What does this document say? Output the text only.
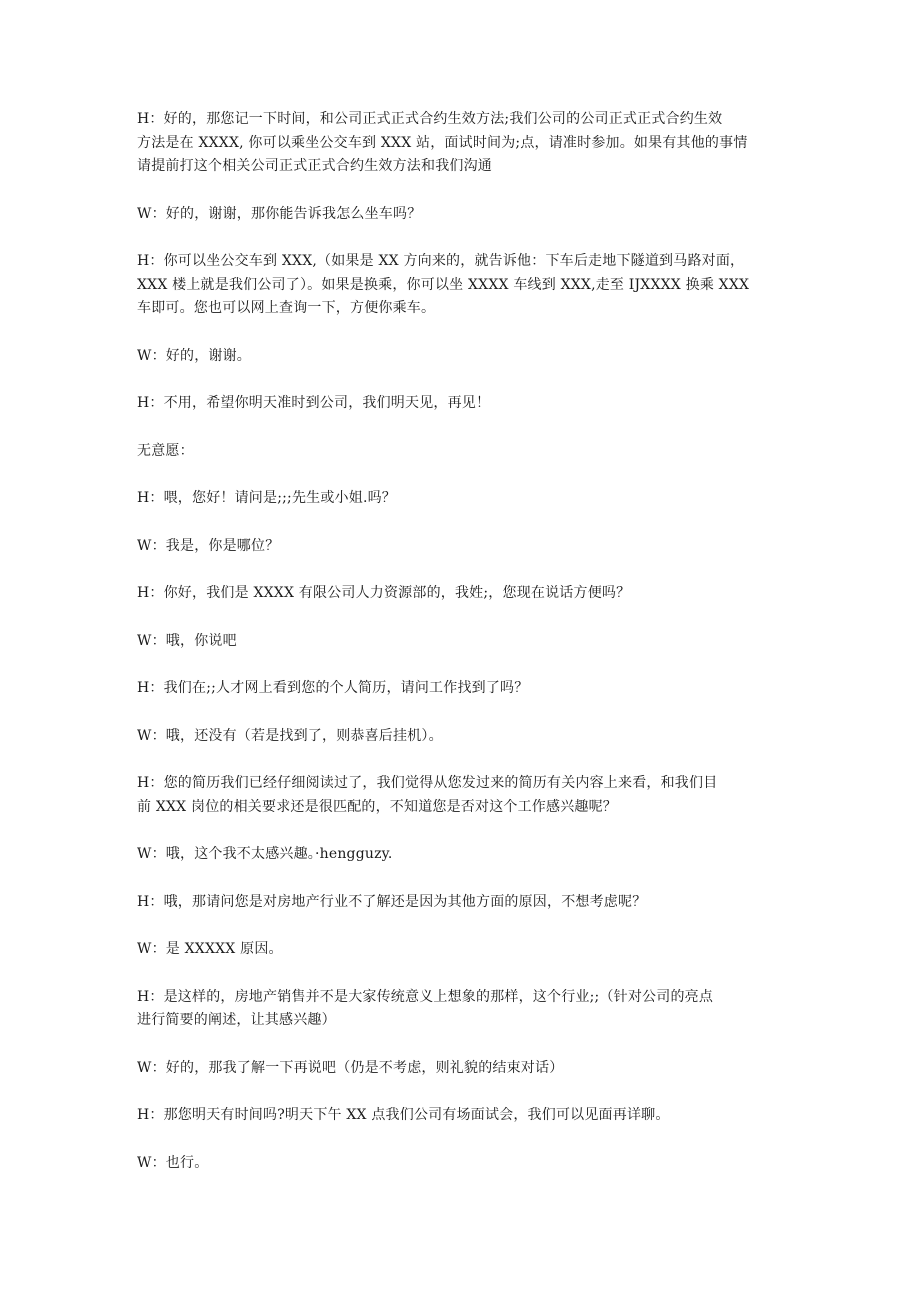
H：好的，那您记一下时间，和公司正式正式合约生效方法;我们公司的公司正式正式合约生效
方法是在 XXXX, 你可以乘坐公交车到 XXX 站，面试时间为;点，请准时参加。如果有其他的事情
请提前打这个相关公司正式正式合约生效方法和我们沟通

W：好的，谢谢，那你能告诉我怎么坐车吗？

H：你可以坐公交车到 XXX,（如果是 XX 方向来的，就告诉他：下车后走地下隧道到马路对面，
XXX 楼上就是我们公司了）。如果是换乘，你可以坐 XXXX 车线到 XXX,走至 IJXXXX 换乘 XXX
车即可。您也可以网上查询一下，方便你乘车。

W：好的，谢谢。

H：不用，希望你明天准时到公司，我们明天见，再见！

无意愿：

H：喂，您好！请问是;;;先生或小姐.吗？

W：我是，你是哪位？

H：你好，我们是 XXXX 有限公司人力资源部的，我姓;，您现在说话方便吗？

W：哦，你说吧

H：我们在;;人才网上看到您的个人简历，请问工作找到了吗？

W：哦，还没有（若是找到了，则恭喜后挂机）。

H：您的简历我们已经仔细阅读过了，我们觉得从您发过来的简历有关内容上来看，和我们目
前 XXX 岗位的相关要求还是很匹配的，不知道您是否对这个工作感兴趣呢？

W：哦，这个我不太感兴趣。·hengguzy.

H：哦，那请问您是对房地产行业不了解还是因为其他方面的原因，不想考虑呢？

W：是 XXXXX 原因。

H：是这样的，房地产销售并不是大家传统意义上想象的那样，这个行业;;（针对公司的亮点
进行简要的阐述，让其感兴趣）

W：好的，那我了解一下再说吧（仍是不考虑，则礼貌的结束对话）

H：那您明天有时间吗?明天下午 XX 点我们公司有场面试会，我们可以见面再详聊。

W：也行。
